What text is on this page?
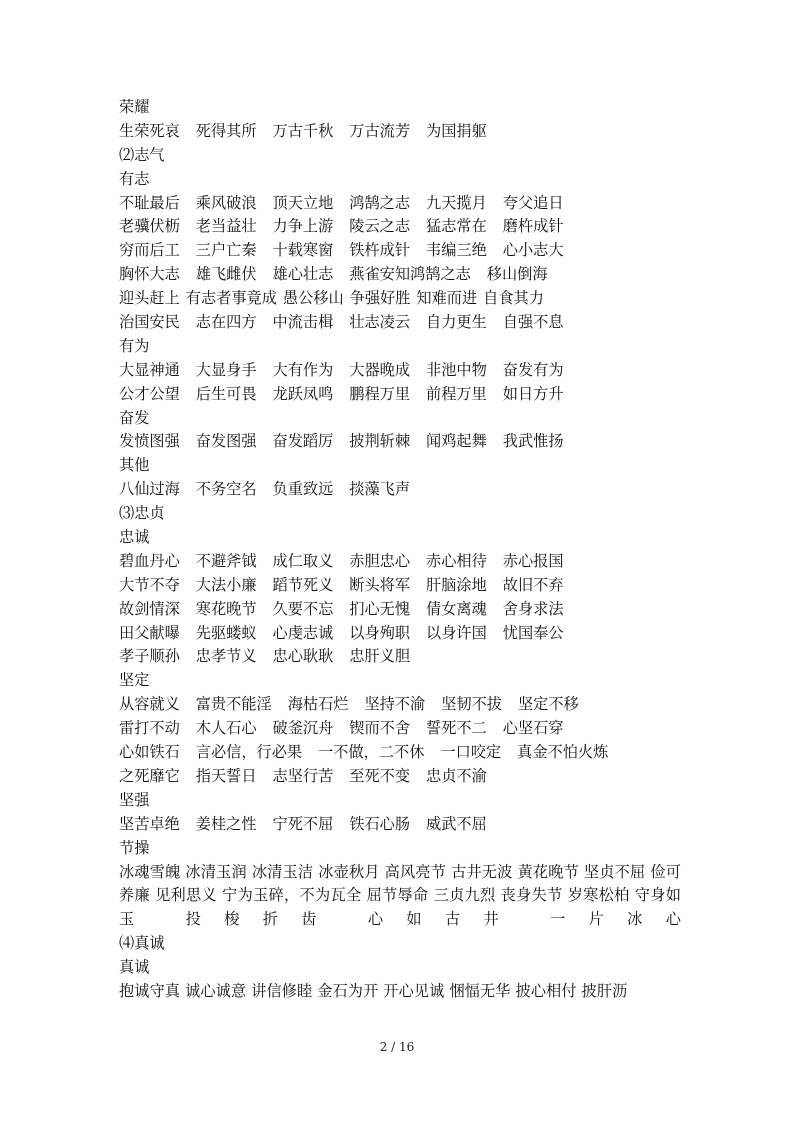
荣耀
生荣死哀 死得其所 万古千秋 万古流芳 为国捐躯
⑵志气
有志
不耻最后 乘风破浪 顶天立地 鸿鹄之志 九天揽月 夸父追日
老骥伏枥 老当益壮 力争上游 陵云之志 猛志常在 磨杵成针
穷而后工 三户亡秦 十载寒窗 铁杵成针 韦编三绝 心小志大
胸怀大志 雄飞雌伏 雄心壮志 燕雀安知鸿鹄之志 移山倒海
迎头赶上 有志者事竟成 愚公移山 争强好胜 知难而进 自食其力
治国安民 志在四方 中流击楫 壮志凌云 自力更生 自强不息
有为
大显神通 大显身手 大有作为 大器晚成 非池中物 奋发有为
公才公望 后生可畏 龙跃凤鸣 鹏程万里 前程万里 如日方升
奋发
发愤图强 奋发图强 奋发蹈厉 披荆斩棘 闻鸡起舞 我武惟扬
其他
八仙过海 不务空名 负重致远 掞藻飞声
⑶忠贞
忠诚
碧血丹心 不避斧钺 成仁取义 赤胆忠心 赤心相待 赤心报国
大节不夺 大法小廉 蹈节死义 断头将军 肝脑涂地 故旧不弃
故剑情深 寒花晚节 久要不忘 扪心无愧 倩女离魂 舍身求法
田父献曝 先驱蝼蚁 心虔志诚 以身殉职 以身许国 忧国奉公
孝子顺孙 忠孝节义 忠心耿耿 忠肝义胆
坚定
从容就义 富贵不能淫 海枯石烂 坚持不渝 坚韧不拔 坚定不移
雷打不动 木人石心 破釜沉舟 锲而不舍 誓死不二 心坚石穿
心如铁石 言必信，行必果 一不做，二不休 一口咬定 真金不怕火炼
之死靡它 指天誓日 志坚行苦 至死不变 忠贞不渝
坚强
坚苦卓绝 姜桂之性 宁死不屈 铁石心肠 威武不屈
节操
冰魂雪魄 冰清玉润 冰清玉洁 冰壶秋月 高风亮节 古井无波 黄花晚节 坚贞不屈 俭可养廉 见利思义 宁为玉碎，不为瓦全 屈节辱命 三贞九烈 丧身失节 岁寒松柏 守身如玉 投梭折齿 心如古井 一片冰心
⑷真诚
真诚
抱诚守真 诚心诚意 讲信修睦 金石为开 开心见诚 悃愊无华 披心相付 披肝沥
2 / 16
